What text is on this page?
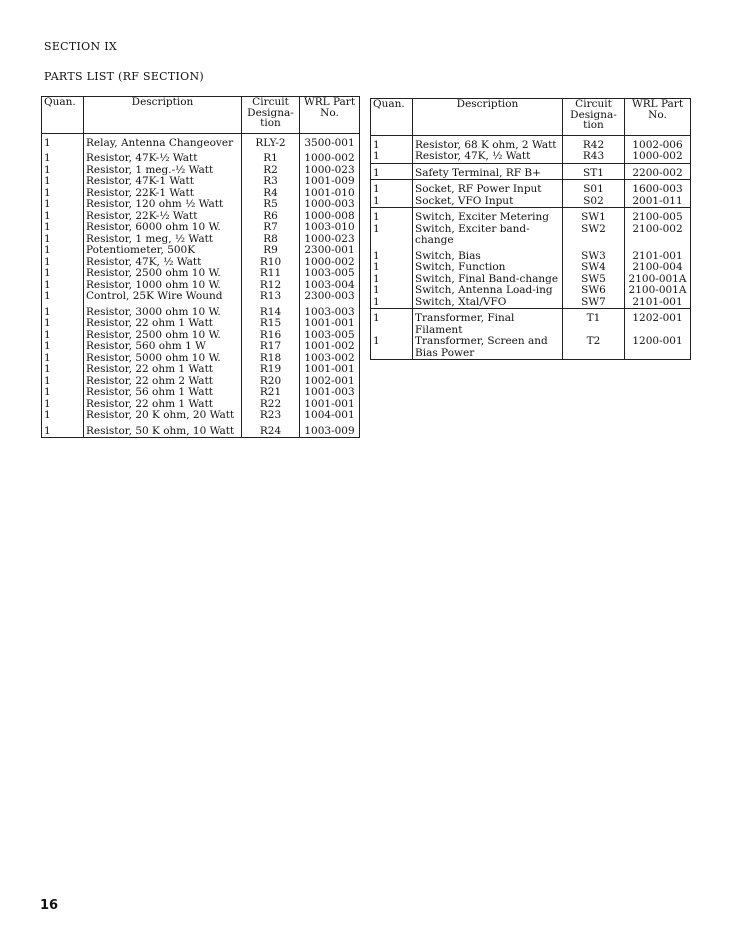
SECTION IX
PARTS LIST (RF SECTION)
Quan.	Description	Circuit Designa- tion	WRL Part No.
1	Relay, Antenna Changeover	RLY-2	3500-001
1	Resistor, 47K-½ Watt	R1	1000-002
1	Resistor, 1 meg.-½ Watt	R2	1000-023
1	Resistor, 47K-1 Watt	R3	1001-009
1	Resistor, 22K-1 Watt	R4	1001-010
1	Resistor, 120 ohm ½ Watt	R5	1000-003
1	Resistor, 22K-½ Watt	R6	1000-008
1	Resistor, 6000 ohm 10 W.	R7	1003-010
1	Resistor, 1 meg, ½ Watt	R8	1000-023
1	Potentiometer, 500K	R9	2300-001
1	Resistor, 47K, ½ Watt	R10	1000-002
1	Resistor, 2500 ohm 10 W.	R11	1003-005
1	Resistor, 1000 ohm 10 W.	R12	1003-004
1	Control, 25K Wire Wound	R13	2300-003
1	Resistor, 3000 ohm 10 W.	R14	1003-003
1	Resistor, 22 ohm 1 Watt	R15	1001-001
1	Resistor, 2500 ohm 10 W.	R16	1003-005
1	Resistor, 560 ohm 1 W	R17	1001-002
1	Resistor, 5000 ohm 10 W.	R18	1003-002
1	Resistor, 22 ohm 1 Watt	R19	1001-001
1	Resistor, 22 ohm 2 Watt	R20	1002-001
1	Resistor, 56 ohm 1 Watt	R21	1001-003
1	Resistor, 22 ohm 1 Watt	R22	1001-001
1	Resistor, 20 K ohm, 20 Watt	R23	1004-001
1	Resistor, 50 K ohm, 10 Watt	R24	1003-009
Quan.	Description	Circuit Designa- tion	WRL Part No.
1	Resistor, 68 K ohm, 2 Watt	R42	1002-006
1	Resistor, 47K, ½ Watt	R43	1000-002
1	Safety Terminal, RF B+	ST1	2200-002
1	Socket, RF Power Input	S01	1600-003
1	Socket, VFO Input	S02	2001-011
1	Switch, Exciter Metering	SW1	2100-005
1	Switch, Exciter band-change	SW2	2100-002
1	Switch, Bias	SW3	2101-001
1	Switch, Function	SW4	2100-004
1	Switch, Final Band-change	SW5	2100-001A
1	Switch, Antenna Load-ing	SW6	2100-001A
1	Switch, Xtal/VFO	SW7	2101-001
1	Transformer, Final Filament	T1	1202-001
1	Transformer, Screen and Bias Power	T2	1200-001
16
